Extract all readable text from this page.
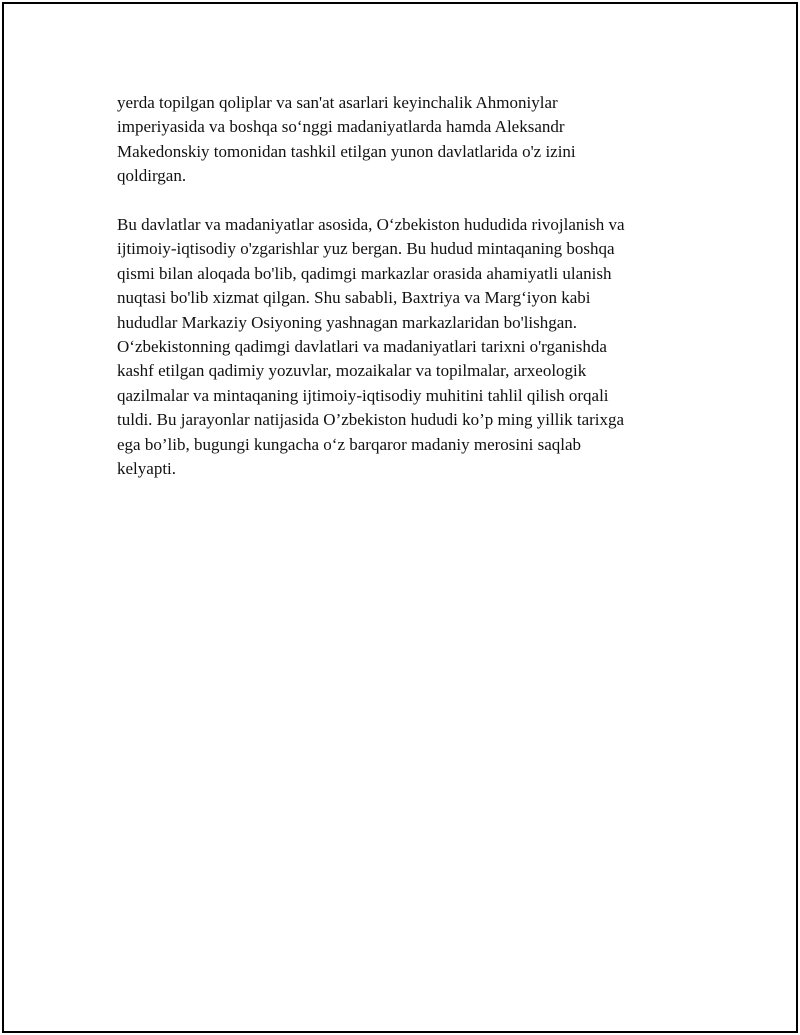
yerda topilgan qoliplar va san'at asarlari keyinchalik Ahmoniylar
imperiyasida va boshqa so‘nggi madaniyatlarda hamda Aleksandr
Makedonskiy tomonidan tashkil etilgan yunon davlatlarida o'z izini
qoldirgan.

Bu davlatlar va madaniyatlar asosida, O‘zbekiston hududida rivojlanish va
ijtimoiy-iqtisodiy o'zgarishlar yuz bergan. Bu hudud mintaqaning boshqa
qismi bilan aloqada bo'lib, qadimgi markazlar orasida ahamiyatli ulanish
nuqtasi bo'lib xizmat qilgan. Shu sababli, Baxtriya va Marg‘iyon kabi
hududlar Markaziy Osiyoning yashnagan markazlaridan bo'lishgan.
O‘zbekistonning qadimgi davlatlari va madaniyatlari tarixni o'rganishda
kashf etilgan qadimiy yozuvlar, mozaikalar va topilmalar, arxeologik
qazilmalar va mintaqaning ijtimoiy-iqtisodiy muhitini tahlil qilish orqali
tuldi. Bu jarayonlar natijasida O’zbekiston hududi ko’p ming yillik tarixga
ega bo’lib, bugungi kungacha o‘z barqaror madaniy merosini saqlab
kelyapti.
